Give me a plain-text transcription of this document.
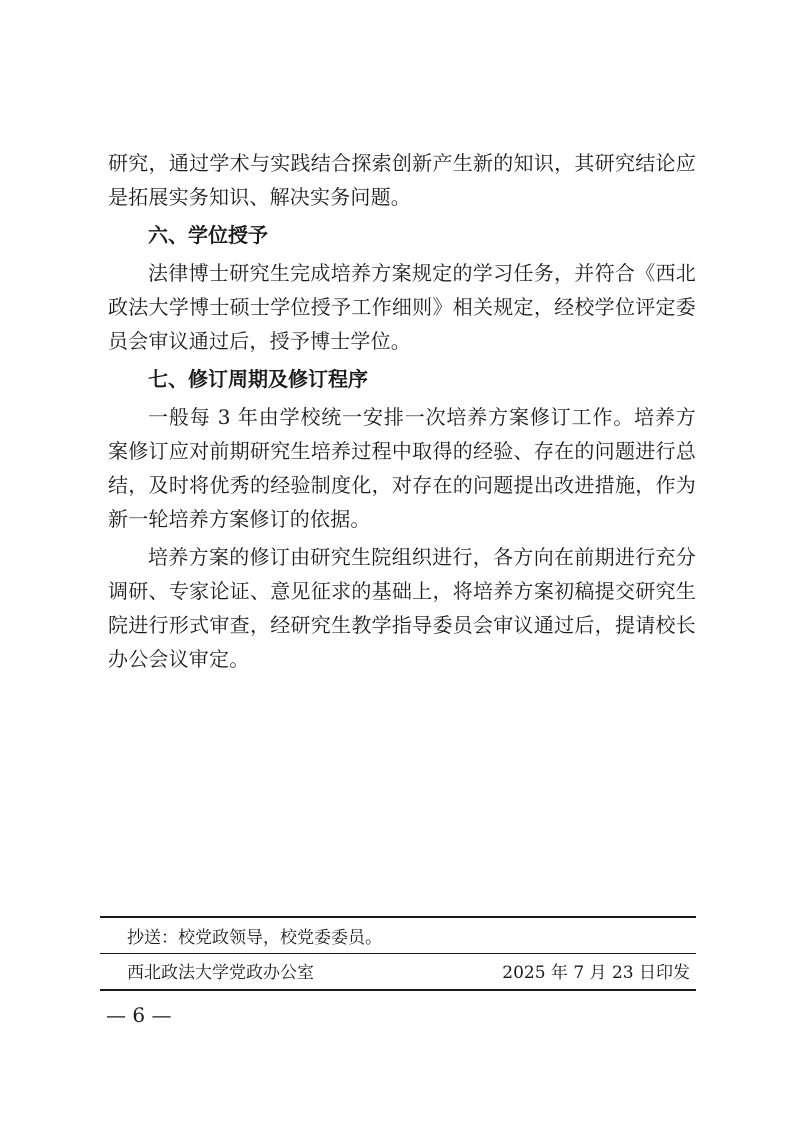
研究，通过学术与实践结合探索创新产生新的知识，其研究结论应是拓展实务知识、解决实务问题。

六、学位授予

法律博士研究生完成培养方案规定的学习任务，并符合《西北政法大学博士硕士学位授予工作细则》相关规定，经校学位评定委员会审议通过后，授予博士学位。

七、修订周期及修订程序

一般每 3 年由学校统一安排一次培养方案修订工作。培养方案修订应对前期研究生培养过程中取得的经验、存在的问题进行总结，及时将优秀的经验制度化，对存在的问题提出改进措施，作为新一轮培养方案修订的依据。

培养方案的修订由研究生院组织进行，各方向在前期进行充分调研、专家论证、意见征求的基础上，将培养方案初稿提交研究生院进行形式审查，经研究生教学指导委员会审议通过后，提请校长办公会议审定。

抄送：校党政领导，校党委委员。
西北政法大学党政办公室	2025 年 7 月 23 日印发
— 6 —
